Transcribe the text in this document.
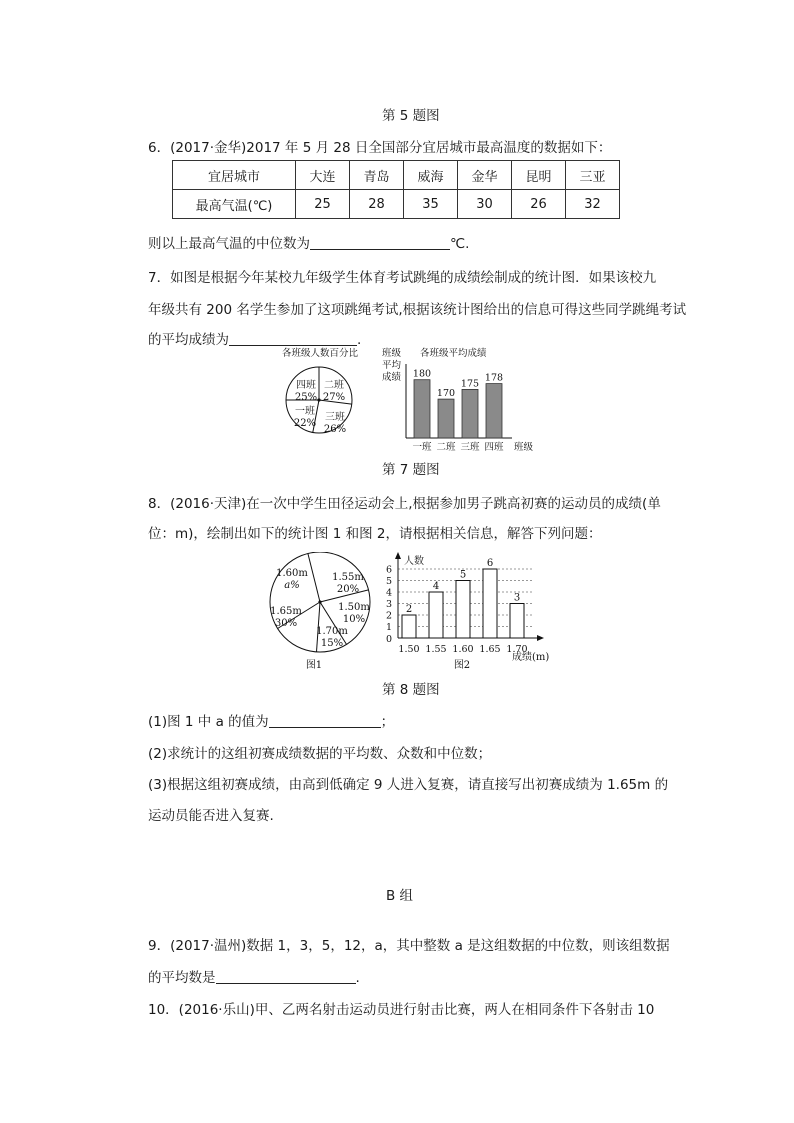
第 5 题图
6．(2017·金华)2017 年 5 月 28 日全国部分宜居城市最高温度的数据如下：
宜居城市	大连	青岛	威海	金华	昆明	三亚
最高气温(℃)	25	28	35	30	26	32
则以上最高气温的中位数为	℃.
7．如图是根据今年某校九年级学生体育考试跳绳的成绩绘制成的统计图．如果该校九
年级共有 200 名学生参加了这项跳绳考试,根据该统计图给出的信息可得这些同学跳绳考试
的平均成绩为	.
各班级人数百分比
四班
25%
二班
27%
三班
26%
一班
22%
班级
平均
成绩
各班级平均成绩
180
一班
170
二班
175
三班
178
四班 班级
第 7 题图
8．(2016·天津)在一次中学生田径运动会上,根据参加男子跳高初赛的运动员的成绩(单
位：m)，绘制出如下的统计图 1 和图 2，请根据相关信息，解答下列问题：
1.60m
a%
1.55m
20%
1.50m
10%
1.70m
15%
1.65m
30%
图1
人数
1
2
3
4
5
6
0
2
1.50
4
1.55
5
1.60
6
1.65
3
1.70
成绩(m)
图2
第 8 题图
(1)图 1 中 a 的值为	；
(2)求统计的这组初赛成绩数据的平均数、众数和中位数；
(3)根据这组初赛成绩，由高到低确定 9 人进入复赛，请直接写出初赛成绩为 1.65m 的
运动员能否进入复赛.
B 组
9．(2017·温州)数据 1，3，5，12，a，其中整数 a 是这组数据的中位数，则该组数据
的平均数是	.
10．(2016·乐山)甲、乙两名射击运动员进行射击比赛，两人在相同条件下各射击 10
